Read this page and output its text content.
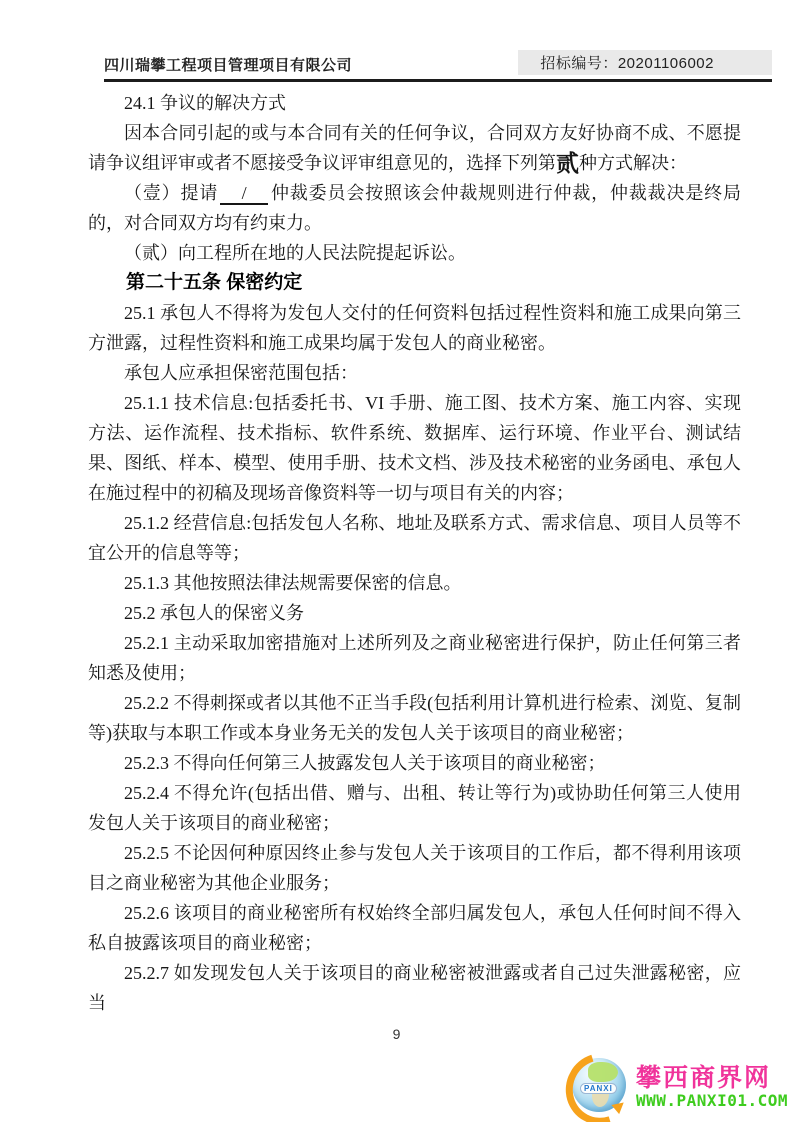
四川瑞攀工程项目管理项目有限公司	招标编号：20201106002

24.1 争议的解决方式

因本合同引起的或与本合同有关的任何争议，合同双方友好协商不成、不愿提请争议组评审或者不愿接受争议评审组意见的，选择下列第贰种方式解决：

（壹）提请 / 仲裁委员会按照该会仲裁规则进行仲裁，仲裁裁决是终局的，对合同双方均有约束力。

（贰）向工程所在地的人民法院提起诉讼。

第二十五条 保密约定

25.1 承包人不得将为发包人交付的任何资料包括过程性资料和施工成果向第三方泄露，过程性资料和施工成果均属于发包人的商业秘密。

承包人应承担保密范围包括：

25.1.1 技术信息:包括委托书、VI 手册、施工图、技术方案、施工内容、实现方法、运作流程、技术指标、软件系统、数据库、运行环境、作业平台、测试结果、图纸、样本、模型、使用手册、技术文档、涉及技术秘密的业务函电、承包人在施过程中的初稿及现场音像资料等一切与项目有关的内容；

25.1.2 经营信息:包括发包人名称、地址及联系方式、需求信息、项目人员等不宜公开的信息等等；

25.1.3 其他按照法律法规需要保密的信息。

25.2 承包人的保密义务

25.2.1 主动采取加密措施对上述所列及之商业秘密进行保护，防止任何第三者知悉及使用；

25.2.2 不得刺探或者以其他不正当手段(包括利用计算机进行检索、浏览、复制等)获取与本职工作或本身业务无关的发包人关于该项目的商业秘密；

25.2.3 不得向任何第三人披露发包人关于该项目的商业秘密；

25.2.4 不得允许(包括出借、赠与、出租、转让等行为)或协助任何第三人使用发包人关于该项目的商业秘密；

25.2.5 不论因何种原因终止参与发包人关于该项目的工作后，都不得利用该项目之商业秘密为其他企业服务；

25.2.6 该项目的商业秘密所有权始终全部归属发包人，承包人任何时间不得入私自披露该项目的商业秘密；

25.2.7 如发现发包人关于该项目的商业秘密被泄露或者自己过失泄露秘密，应当

9
PANXI 攀西商界网
WWW.PANXI01.COM
